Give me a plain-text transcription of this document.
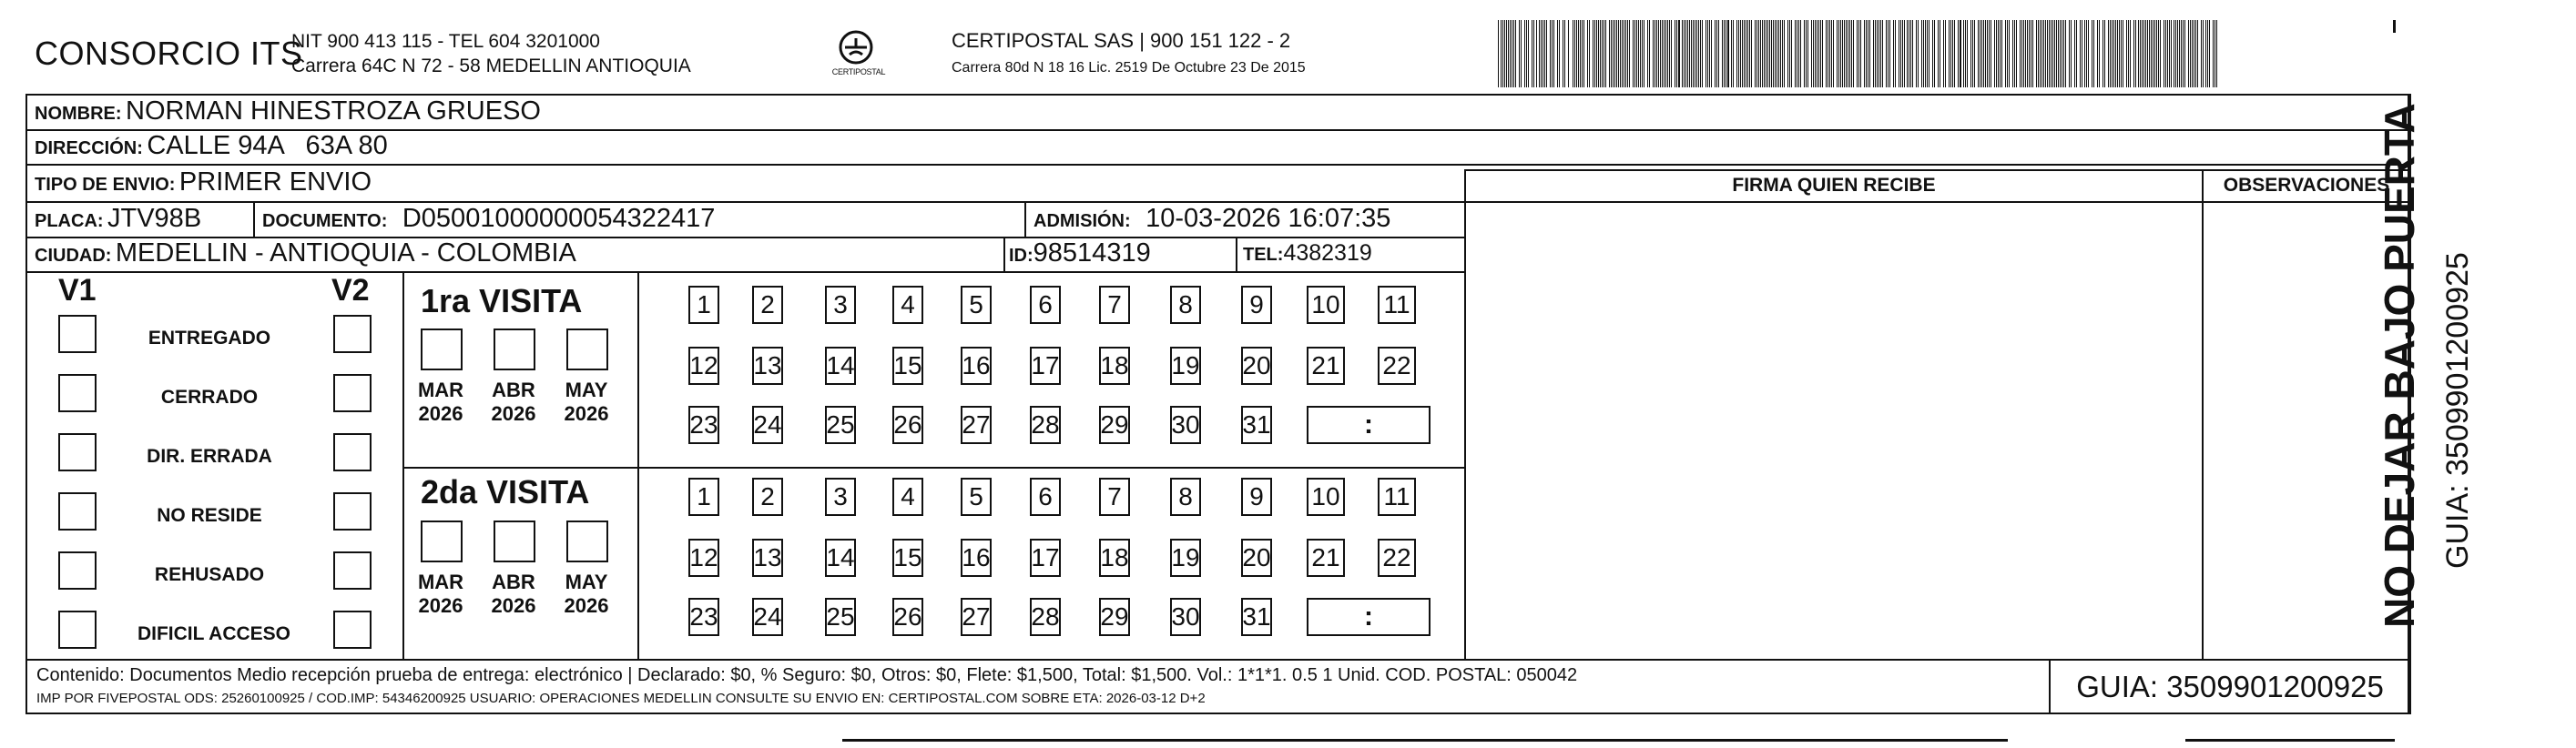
CONSORCIO ITS
NIT 900 413 115 - TEL 604 3201000
Carrera 64C N 72 - 58 MEDELLIN ANTIOQUIA	CERTIPOSTAL
CERTIPOSTAL SAS | 900 151 122 - 2
Carrera 80d N 18 16 Lic. 2519 De Octubre 23 De 2015
NOMBRE: NORMAN HINESTROZA GRUESO
DIRECCIÓN: CALLE 94A   63A 80
TIPO DE ENVIO: PRIMER ENVIO
PLACA: JTV98B	DOCUMENTO: D05001000000054322417	ADMISIÓN: 10-03-2026 16:07:35
CIUDAD: MEDELLIN - ANTIOQUIA - COLOMBIA	ID:98514319	TEL:4382319
FIRMA QUIEN RECIBE	OBSERVACIONES
V1	V2
ENTREGADO
CERRADO
DIR. ERRADA
NO RESIDE
REHUSADO
DIFICIL ACCESO
1ra VISITA
2da VISITA
MAR
2026
ABR
2026
MAY
2026
1	2	3	4	5	6	7	8	9	10 11
12 13 14 15 16 17 18 19 20 21 22
23 24 25 26 27 28 29 30 31	:
MAR
2026
ABR
2026
MAY
2026
1	2	3	4	5	6	7	8	9	10 11
12 13 14 15 16 17 18 19 20 21 22
23 24 25 26 27 28 29 30 31	:
Contenido: Documentos Medio recepción prueba de entrega: electrónico | Declarado: $0, % Seguro: $0, Otros: $0, Flete: $1,500, Total: $1,500. Vol.: 1*1*1. 0.5 1 Unid. COD. POSTAL: 050042
IMP POR FIVEPOSTAL ODS: 25260100925 / COD.IMP: 54346200925 USUARIO: OPERACIONES MEDELLIN CONSULTE SU ENVIO EN: CERTIPOSTAL.COM SOBRE ETA: 2026-03-12 D+2	GUIA: 3509901200925
NO DEJAR BAJO PUERTA GUIA: 3509901200925
